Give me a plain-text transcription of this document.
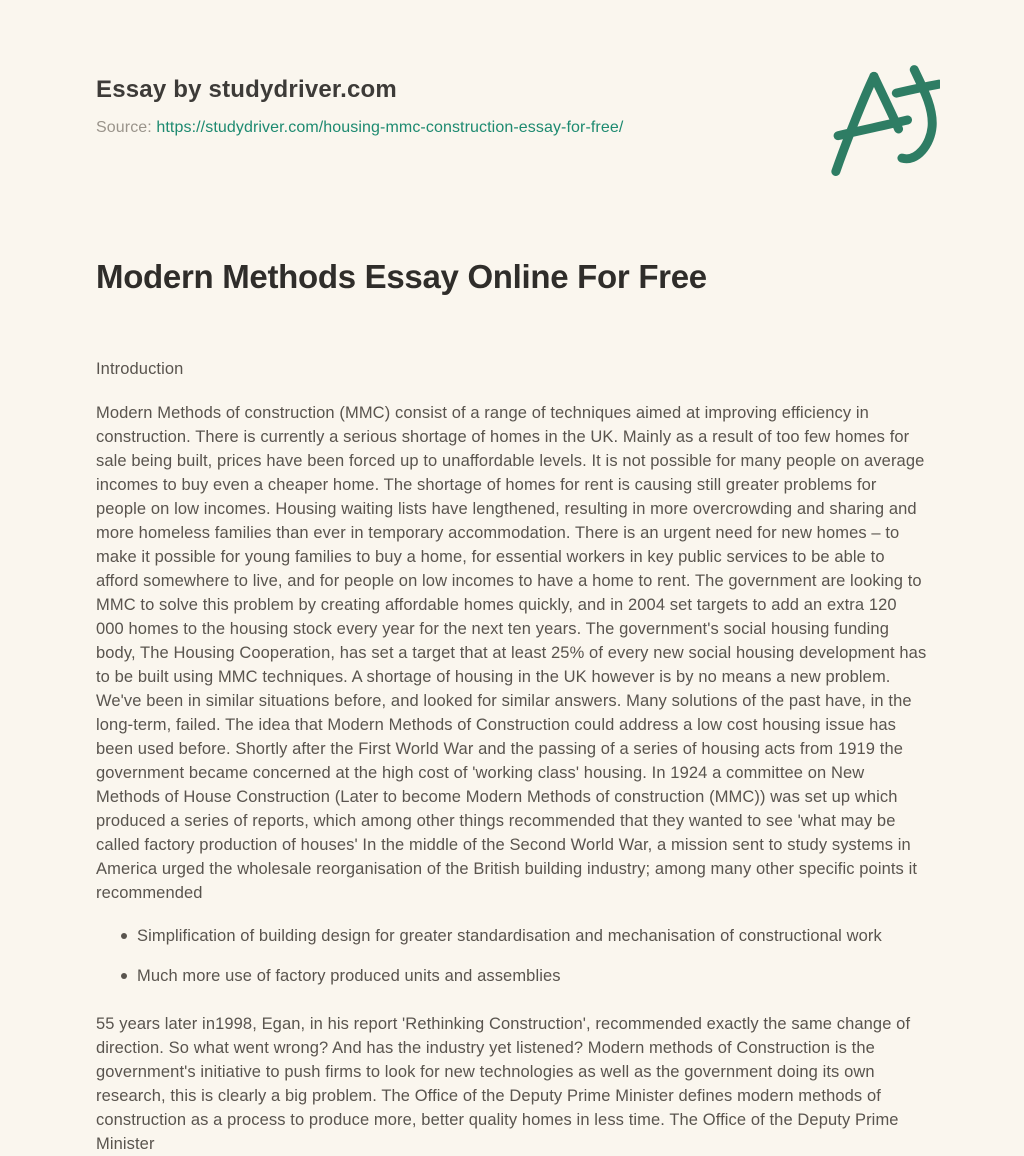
Essay by studydriver.com

Source: https://studydriver.com/housing-mmc-construction-essay-for-free/

Modern Methods Essay Online For Free
Introduction

Modern Methods of construction (MMC) consist of a range of techniques aimed at improving efficiency in construction. There is currently a serious shortage of homes in the UK. Mainly as a result of too few homes for sale being built, prices have been forced up to unaffordable levels. It is not possible for many people on average incomes to buy even a cheaper home. The shortage of homes for rent is causing still greater problems for people on low incomes. Housing waiting lists have lengthened, resulting in more overcrowding and sharing and more homeless families than ever in temporary accommodation. There is an urgent need for new homes – to make it possible for young families to buy a home, for essential workers in key public services to be able to afford somewhere to live, and for people on low incomes to have a home to rent. The government are looking to MMC to solve this problem by creating affordable homes quickly, and in 2004 set targets to add an extra 120 000 homes to the housing stock every year for the next ten years. The government's social housing funding body, The Housing Cooperation, has set a target that at least 25% of every new social housing development has to be built using MMC techniques. A shortage of housing in the UK however is by no means a new problem. We've been in similar situations before, and looked for similar answers. Many solutions of the past have, in the long-term, failed. The idea that Modern Methods of Construction could address a low cost housing issue has been used before. Shortly after the First World War and the passing of a series of housing acts from 1919 the government became concerned at the high cost of 'working class' housing. In 1924 a committee on New Methods of House Construction (Later to become Modern Methods of construction (MMC)) was set up which produced a series of reports, which among other things recommended that they wanted to see 'what may be called factory production of houses' In the middle of the Second World War, a mission sent to study systems in America urged the wholesale reorganisation of the British building industry; among many other specific points it recommended

Simplification of building design for greater standardisation and mechanisation of constructional work
Much more use of factory produced units and assemblies

55 years later in1998, Egan, in his report 'Rethinking Construction', recommended exactly the same change of direction. So what went wrong? And has the industry yet listened? Modern methods of Construction is the government's initiative to push firms to look for new technologies as well as the government doing its own research, this is clearly a big problem. The Office of the Deputy Prime Minister defines modern methods of construction as a process to produce more, better quality homes in less time. The Office of the Deputy Prime Minister
